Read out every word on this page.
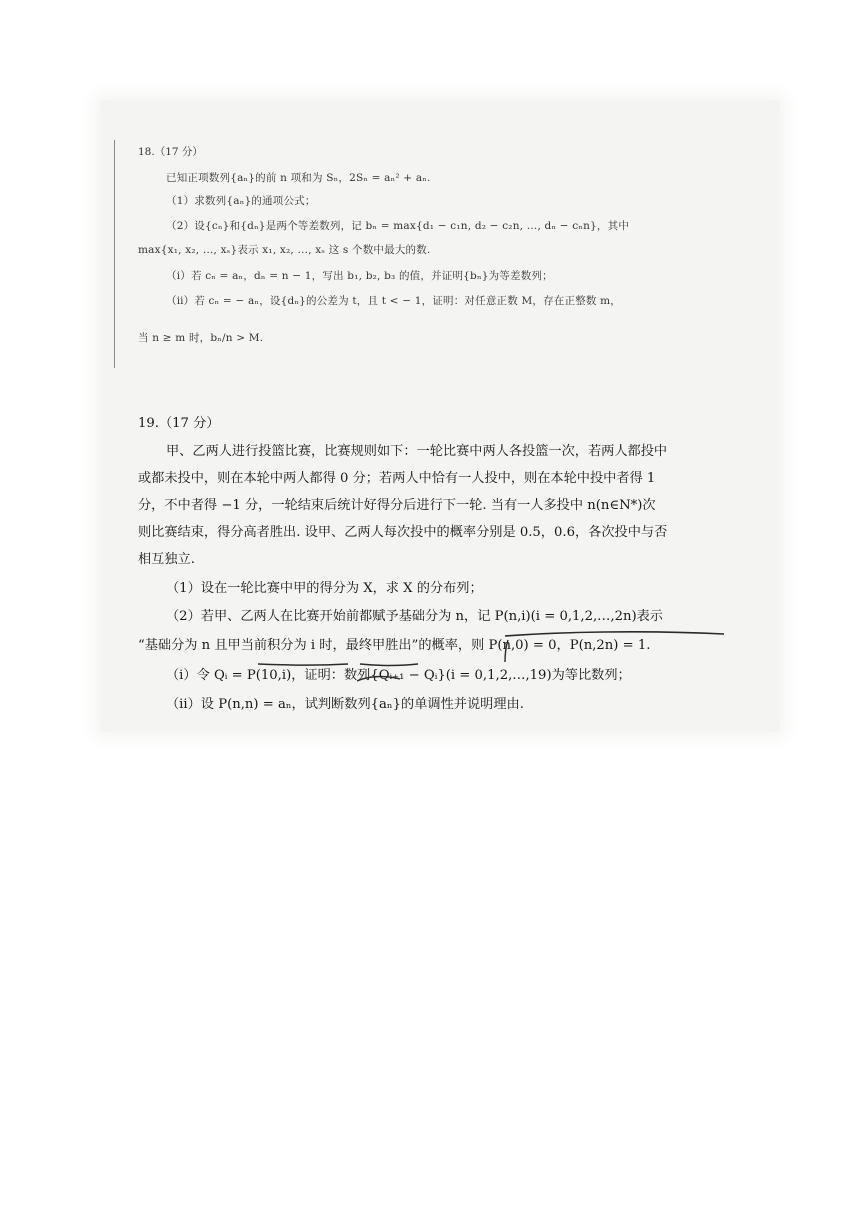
18.（17 分）
已知正项数列{aₙ}的前 n 项和为 Sₙ，2Sₙ = aₙ² + aₙ.
（1）求数列{aₙ}的通项公式；
（2）设{cₙ}和{dₙ}是两个等差数列，记 bₙ = max{d₁ − c₁n, d₂ − c₂n, …, dₙ − cₙn}，其中
max{x₁, x₂, …, xₛ}表示 x₁, x₂, …, xₛ 这 s 个数中最大的数.
（ⅰ）若 cₙ = aₙ，dₙ = n − 1，写出 b₁, b₂, b₃ 的值，并证明{bₙ}为等差数列；
（ⅱ）若 cₙ = − aₙ，设{dₙ}的公差为 t，且 t < − 1，证明：对任意正数 M，存在正整数 m，
当 n ≥ m 时，bₙ/n > M.
19.（17 分）
甲、乙两人进行投篮比赛，比赛规则如下：一轮比赛中两人各投篮一次，若两人都投中
或都未投中，则在本轮中两人都得 0 分；若两人中恰有一人投中，则在本轮中投中者得 1
分，不中者得 −1 分，一轮结束后统计好得分后进行下一轮. 当有一人多投中 n(n∈N*)次
则比赛结束，得分高者胜出. 设甲、乙两人每次投中的概率分别是 0.5，0.6，各次投中与否
相互独立.
（1）设在一轮比赛中甲的得分为 X，求 X 的分布列；
（2）若甲、乙两人在比赛开始前都赋予基础分为 n，记 P(n,i)(i = 0,1,2,…,2n)表示
“基础分为 n 且甲当前积分为 i 时，最终甲胜出”的概率，则 P(n,0) = 0，P(n,2n) = 1.
（ⅰ）令 Qᵢ = P(10,i)，证明：数列{Qᵢ₊₁ − Qᵢ}(i = 0,1,2,…,19)为等比数列；
（ⅱ）设 P(n,n) = aₙ，试判断数列{aₙ}的单调性并说明理由.
